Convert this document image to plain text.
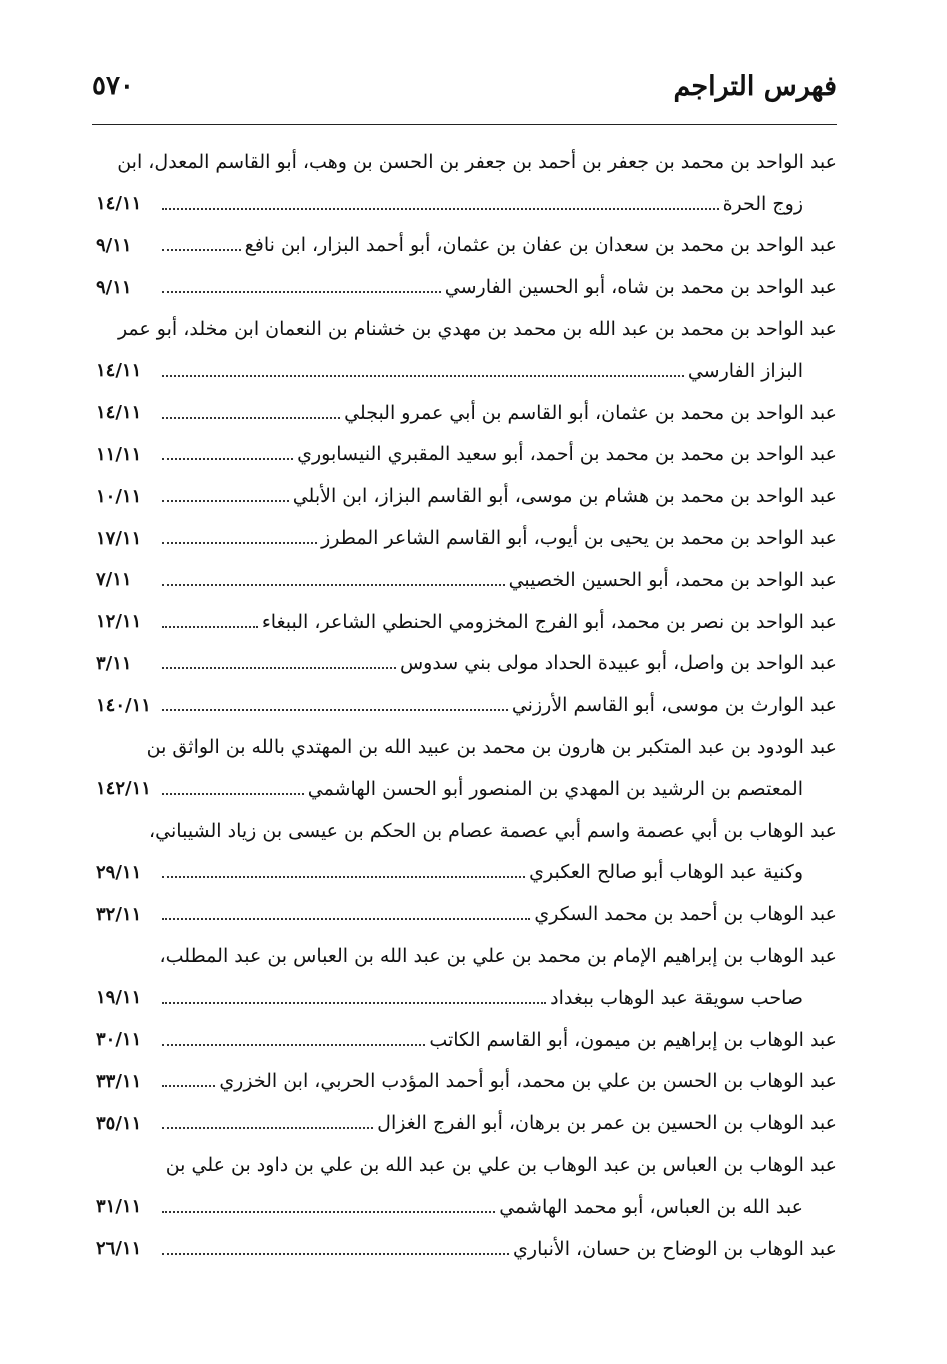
٥٧٠	فهرس التراجم
عبد الواحد بن محمد بن جعفر بن أحمد بن جعفر بن الحسن بن وهب، أبو القاسم المعدل، ابن
زوج الحرة
١٤/١١
عبد الواحد بن محمد بن سعدان بن عفان بن عثمان، أبو أحمد البزار، ابن نافع
٩/١١
عبد الواحد بن محمد بن شاه، أبو الحسين الفارسي
٩/١١
عبد الواحد بن محمد بن عبد الله بن محمد بن مهدي بن خشنام بن النعمان ابن مخلد، أبو عمر
البزاز الفارسي
١٤/١١
عبد الواحد بن محمد بن عثمان، أبو القاسم بن أبي عمرو البجلي
١٤/١١
عبد الواحد بن محمد بن محمد بن أحمد، أبو سعيد المقبري النيسابوري
١١/١١
عبد الواحد بن محمد بن هشام بن موسى، أبو القاسم البزاز، ابن الأبلي
١٠/١١
عبد الواحد بن محمد بن يحيى بن أيوب، أبو القاسم الشاعر المطرز
١٧/١١
عبد الواحد بن محمد، أبو الحسين الخصيبي
٧/١١
عبد الواحد بن نصر بن محمد، أبو الفرج المخزومي الحنطي الشاعر، الببغاء
١٢/١١
عبد الواحد بن واصل، أبو عبيدة الحداد مولى بني سدوس
٣/١١
عبد الوارث بن موسى، أبو القاسم الأرزني
١٤٠/١١
عبد الودود بن عبد المتكبر بن هارون بن محمد بن عبيد الله بن المهتدي بالله بن الواثق بن
المعتصم بن الرشيد بن المهدي بن المنصور أبو الحسن الهاشمي
١٤٢/١١
عبد الوهاب بن أبي عصمة واسم أبي عصمة عصام بن الحكم بن عيسى بن زياد الشيباني،
وكنية عبد الوهاب أبو صالح العكبري
٢٩/١١
عبد الوهاب بن أحمد بن محمد السكري
٣٢/١١
عبد الوهاب بن إبراهيم الإمام بن محمد بن علي بن عبد الله بن العباس بن عبد المطلب،
صاحب سويقة عبد الوهاب ببغداد
١٩/١١
عبد الوهاب بن إبراهيم بن ميمون، أبو القاسم الكاتب
٣٠/١١
عبد الوهاب بن الحسن بن علي بن محمد، أبو أحمد المؤدب الحربي، ابن الخزري
٣٣/١١
عبد الوهاب بن الحسين بن عمر بن برهان، أبو الفرج الغزال
٣٥/١١
عبد الوهاب بن العباس بن عبد الوهاب بن علي بن عبد الله بن علي بن داود بن علي بن
عبد الله بن العباس، أبو محمد الهاشمي
٣١/١١
عبد الوهاب بن الوضاح بن حسان، الأنباري
٢٦/١١
